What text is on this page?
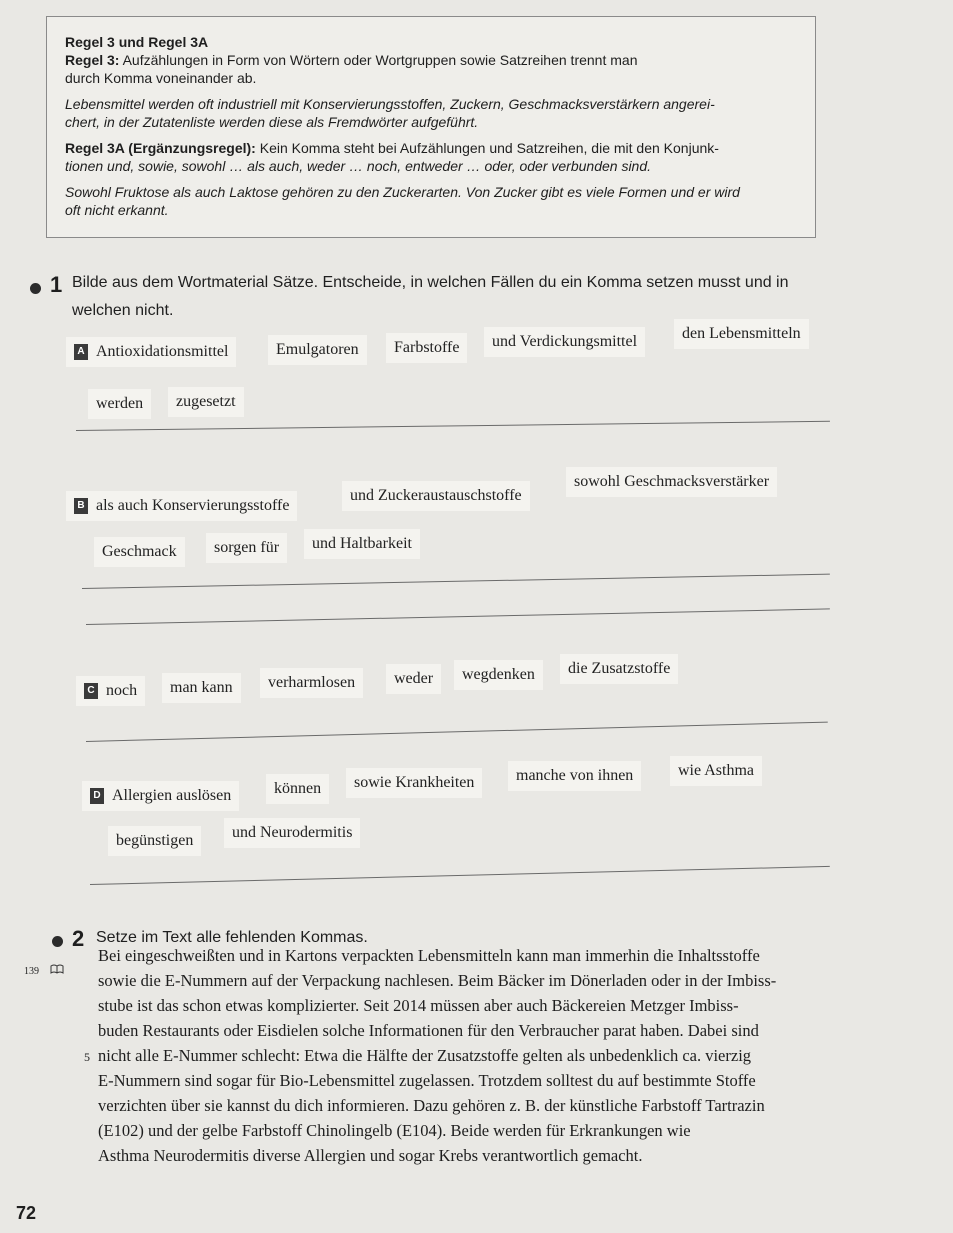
Regel 3 und Regel 3A
Regel 3: Aufzählungen in Form von Wörtern oder Wortgruppen sowie Satzreihen trennt man
durch Komma voneinander ab.
Lebensmittel werden oft industriell mit Konservierungsstoffen, Zuckern, Geschmacksverstärkern angerei-
chert, in der Zutatenliste werden diese als Fremdwörter aufgeführt.
Regel 3A (Ergänzungsregel): Kein Komma steht bei Aufzählungen und Satzreihen, die mit den Konjunk-
tionen und, sowie, sowohl … als auch, weder … noch, entweder … oder, oder verbunden sind.
Sowohl Fruktose als auch Laktose gehören zu den Zuckerarten. Von Zucker gibt es viele Formen und er wird
oft nicht erkannt.
1 Bilde aus dem Wortmaterial Sätze. Entscheide, in welchen Fällen du ein Komma setzen musst und in
welchen nicht.
A Antioxidationsmittel	Emulgatoren	Farbstoffe	und Verdickungsmittel	den Lebensmitteln
werden	zugesetzt
B als auch Konservierungsstoffe
und Zuckeraustauschstoffe
sowohl Geschmacksverstärker
Geschmack	sorgen für	und Haltbarkeit
C noch	man kann	verharmlosen	weder	wegdenken	die Zusatzstoffe
D Allergien auslösen	können	sowie Krankheiten	manche von ihnen	wie Asthma
begünstigen	und Neurodermitis
2 Setze im Text alle fehlenden Kommas.
139
Bei eingeschweißten und in Kartons verpackten Lebensmitteln kann man immerhin die Inhaltsstoffe
sowie die E-Nummern auf der Verpackung nachlesen. Beim Bäcker im Dönerladen oder in der Imbiss-
stube ist das schon etwas komplizierter. Seit 2014 müssen aber auch Bäckereien Metzger Imbiss-
buden Restaurants oder Eisdielen solche Informationen für den Verbraucher parat haben. Dabei sind
5 nicht alle E-Nummer schlecht: Etwa die Hälfte der Zusatzstoffe gelten als unbedenklich ca. vierzig
E-Nummern sind sogar für Bio-Lebensmittel zugelassen. Trotzdem solltest du auf bestimmte Stoffe
verzichten über sie kannst du dich informieren. Dazu gehören z. B. der künstliche Farbstoff Tartrazin
(E102) und der gelbe Farbstoff Chinolingelb (E104). Beide werden für Erkrankungen wie
Asthma Neurodermitis diverse Allergien und sogar Krebs verantwortlich gemacht.
72
